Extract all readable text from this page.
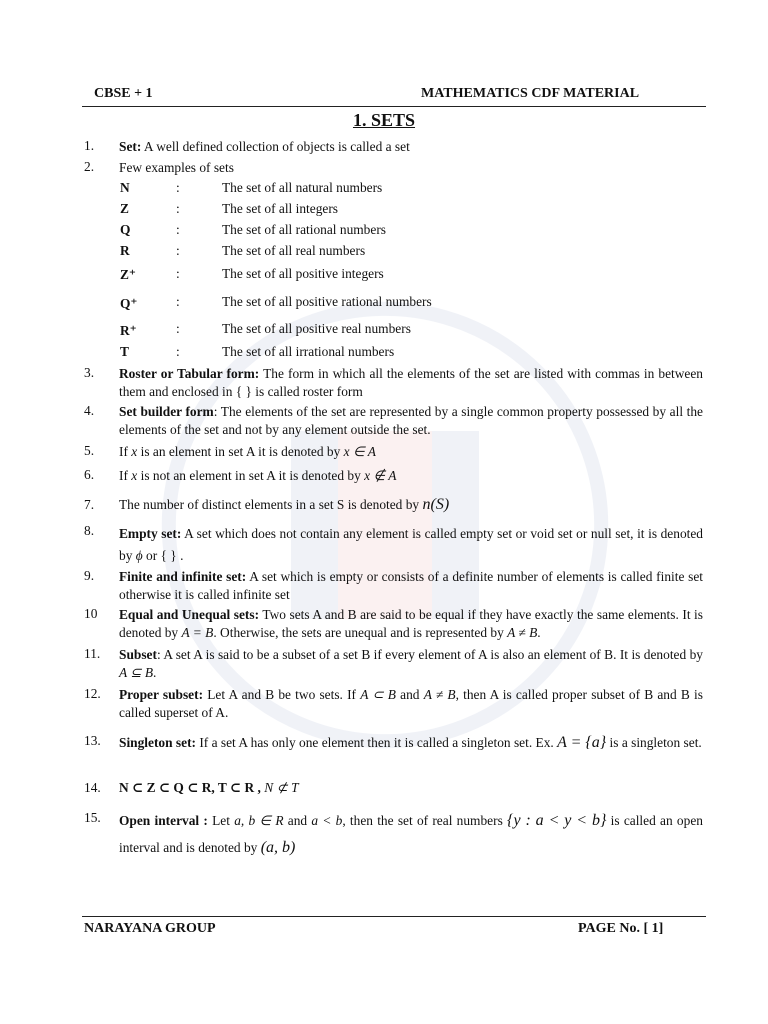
CBSE + 1	MATHEMATICS CDF MATERIAL
1. SETS
1. Set: A well defined collection of objects is called a set
2. Few examples of sets
N	:	The set of all natural numbers
Z	:	The set of all integers
Q	:	The set of all rational numbers
R	:	The set of all real numbers
Z⁺	:	The set of all positive integers
Q⁺	:	The set of all positive rational numbers
R⁺	:	The set of all positive real numbers
T	:	The set of all irrational numbers
3. Roster or Tabular form: The form in which all the elements of the set are listed with commas in between them and enclosed in { } is called roster form
4. Set builder form: The elements of the set are represented by a single common property possessed by all the elements of the set and not by any element outside the set.
5. If x is an element in set A it is denoted by x ∈ A
6. If x is not an element in set A it is denoted by x ∉ A
7. The number of distinct elements in a set S is denoted by n(S)
8. Empty set: A set which does not contain any element is called empty set or void set or null set, it is denoted by ϕ or { } .
9. Finite and infinite set: A set which is empty or consists of a definite number of elements is called finite set otherwise it is called infinite set
10 Equal and Unequal sets: Two sets A and B are said to be equal if they have exactly the same elements. It is denoted by A = B. Otherwise, the sets are unequal and is represented by A ≠ B.
11. Subset: A set A is said to be a subset of a set B if every element of A is also an element of B. It is denoted by A ⊆ B.
12. Proper subset: Let A and B be two sets. If A ⊂ B and A ≠ B, then A is called proper subset of B and B is called superset of A.
13. Singleton set: If a set A has only one element then it is called a singleton set. Ex. A = {a} is a singleton set.
14. N ⊂ Z ⊂ Q ⊂ R, T ⊂ R , N ⊄ T
15. Open interval : Let a, b ∈ R and a < b, then the set of real numbers {y : a < y < b} is called an open interval and is denoted by (a, b)
NARAYANA GROUP	PAGE No. [ 1]
